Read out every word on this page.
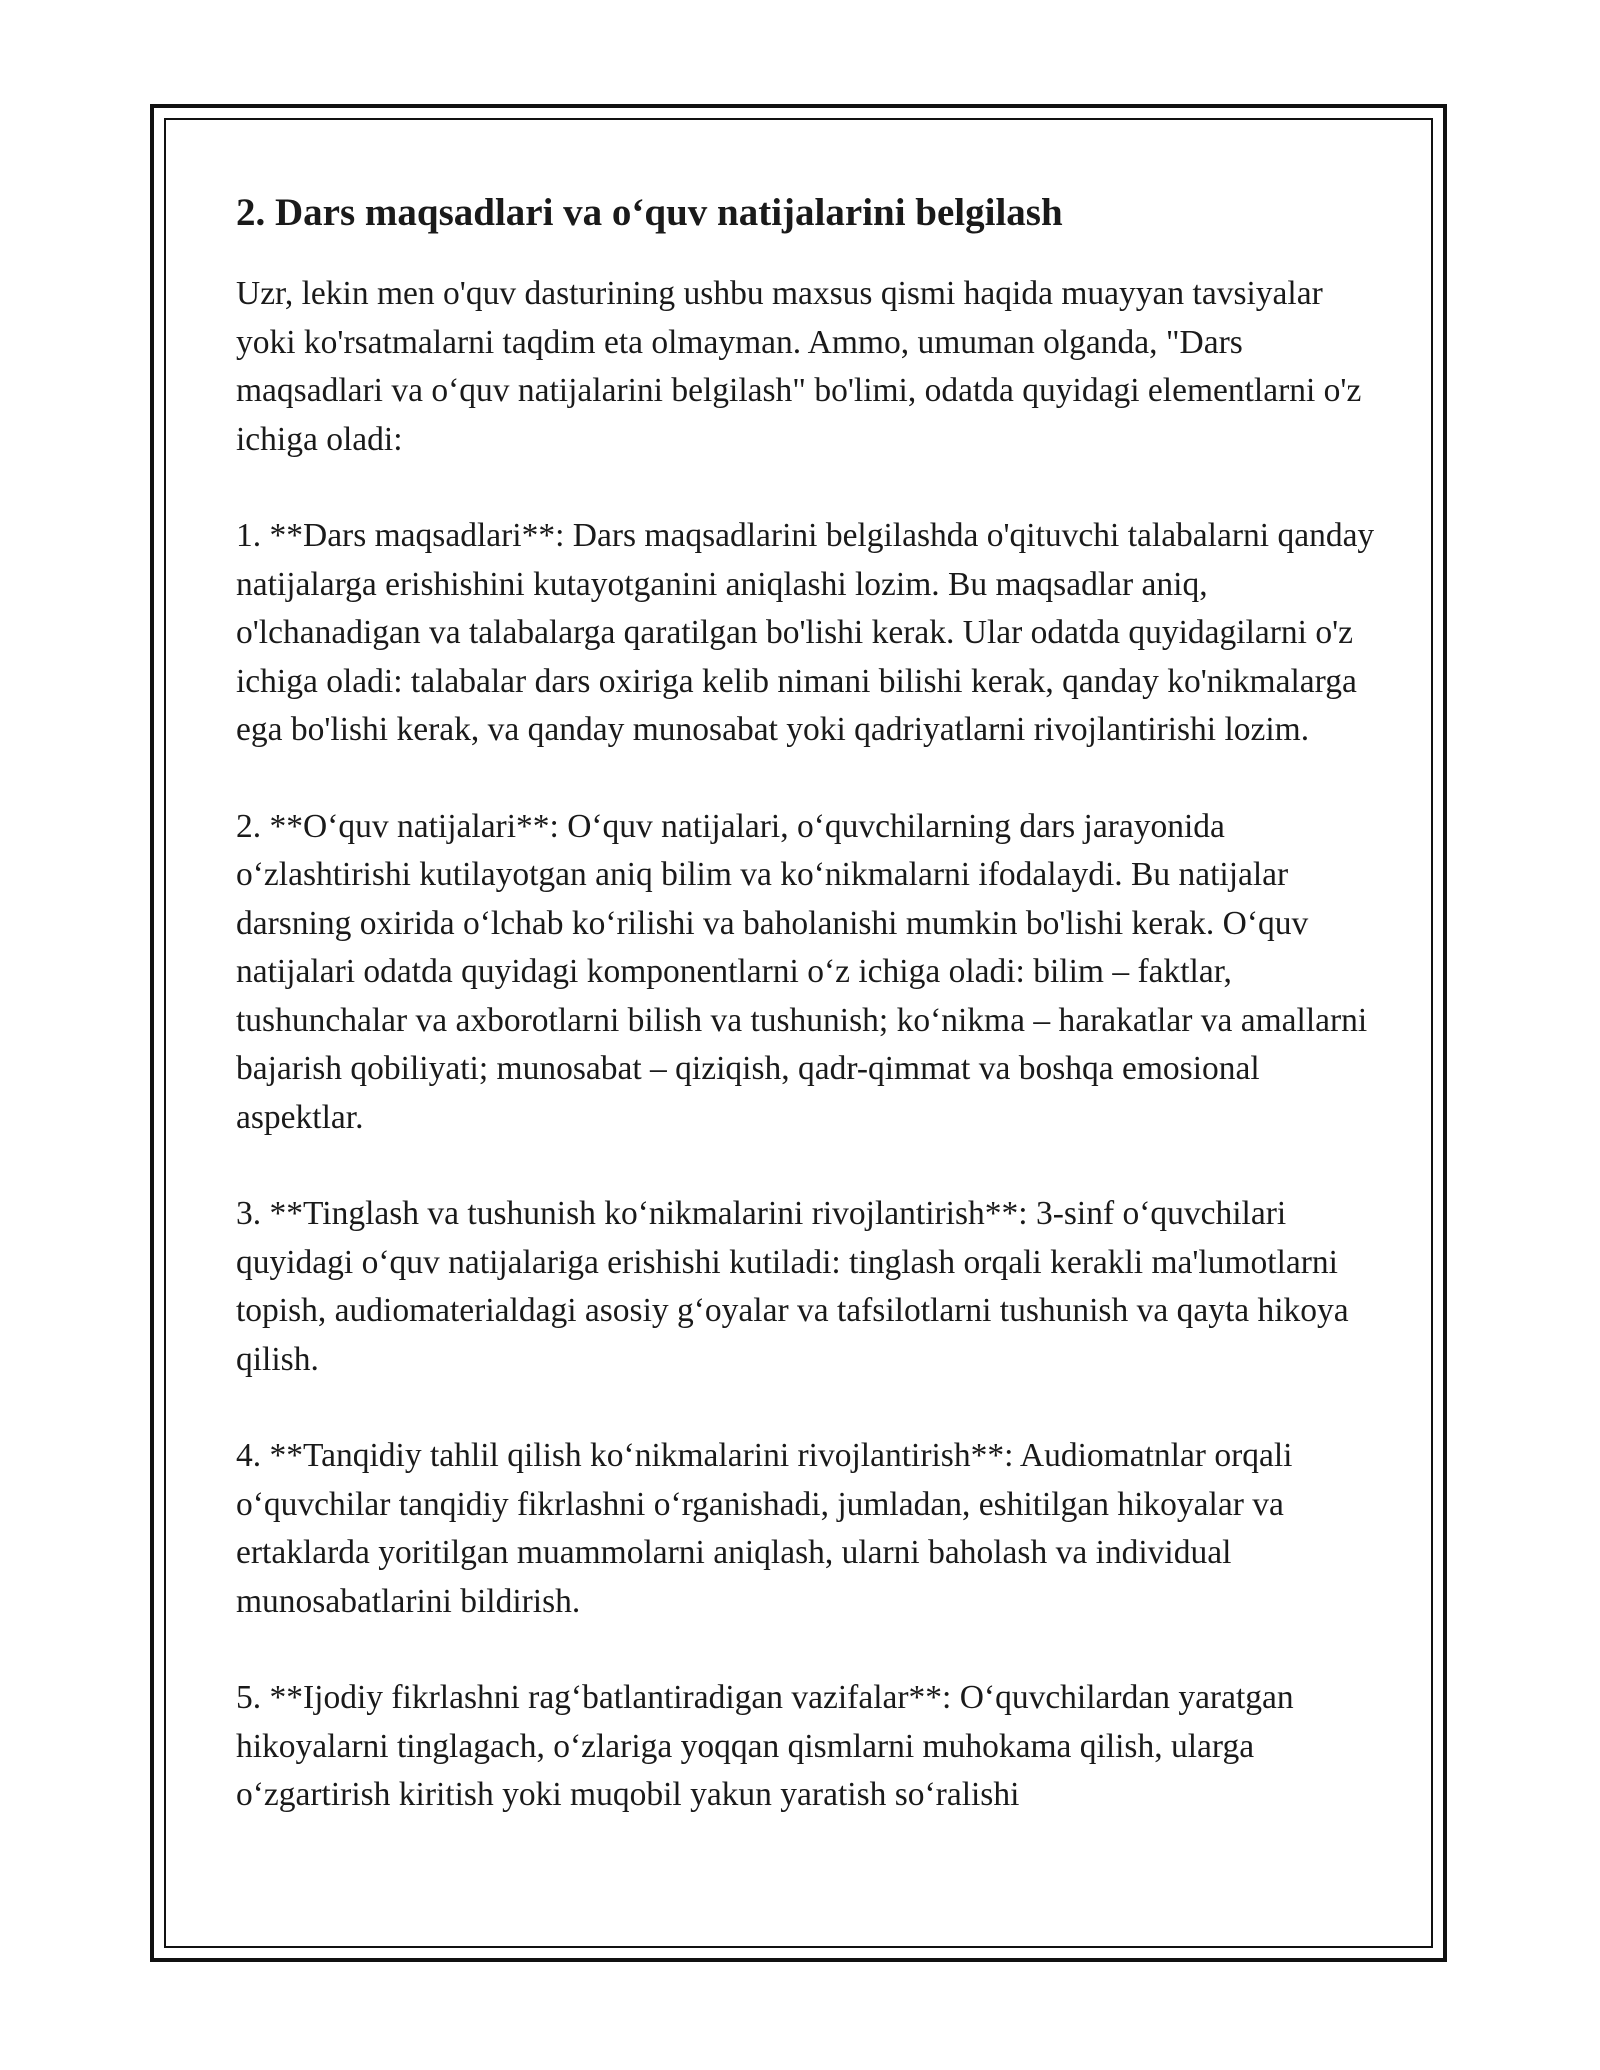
2. Dars maqsadlari va o‘quv natijalarini belgilash

Uzr, lekin men o'quv dasturining ushbu maxsus qismi haqida muayyan tavsiyalar yoki ko'rsatmalarni taqdim eta olmayman. Ammo, umuman olganda, "Dars maqsadlari va o‘quv natijalarini belgilash" bo'limi, odatda quyidagi elementlarni o'z ichiga oladi:

1. **Dars maqsadlari**: Dars maqsadlarini belgilashda o'qituvchi talabalarni qanday natijalarga erishishini kutayotganini aniqlashi lozim. Bu maqsadlar aniq, o'lchanadigan va talabalarga qaratilgan bo'lishi kerak. Ular odatda quyidagilarni o'z ichiga oladi: talabalar dars oxiriga kelib nimani bilishi kerak, qanday ko'nikmalarga ega bo'lishi kerak, va qanday munosabat yoki qadriyatlarni rivojlantirishi lozim.

2. **O‘quv natijalari**: O‘quv natijalari, o‘quvchilarning dars jarayonida o‘zlashtirishi kutilayotgan aniq bilim va ko‘nikmalarni ifodalaydi. Bu natijalar darsning oxirida o‘lchab ko‘rilishi va baholanishi mumkin bo'lishi kerak. O‘quv natijalari odatda quyidagi komponentlarni o‘z ichiga oladi: bilim – faktlar, tushunchalar va axborotlarni bilish va tushunish; ko‘nikma – harakatlar va amallarni bajarish qobiliyati; munosabat – qiziqish, qadr-qimmat va boshqa emosional aspektlar.

3. **Tinglash va tushunish ko‘nikmalarini rivojlantirish**: 3-sinf o‘quvchilari quyidagi o‘quv natijalariga erishishi kutiladi: tinglash orqali kerakli ma'lumotlarni topish, audiomaterialdagi asosiy g‘oyalar va tafsilotlarni tushunish va qayta hikoya qilish.

4. **Tanqidiy tahlil qilish ko‘nikmalarini rivojlantirish**: Audiomatnlar orqali o‘quvchilar tanqidiy fikrlashni o‘rganishadi, jumladan, eshitilgan hikoyalar va ertaklarda yoritilgan muammolarni aniqlash, ularni baholash va individual munosabatlarini bildirish.

5. **Ijodiy fikrlashni rag‘batlantiradigan vazifalar**: O‘quvchilardan yaratgan hikoyalarni tinglagach, o‘zlariga yoqqan qismlarni muhokama qilish, ularga o‘zgartirish kiritish yoki muqobil yakun yaratish so‘ralishi
